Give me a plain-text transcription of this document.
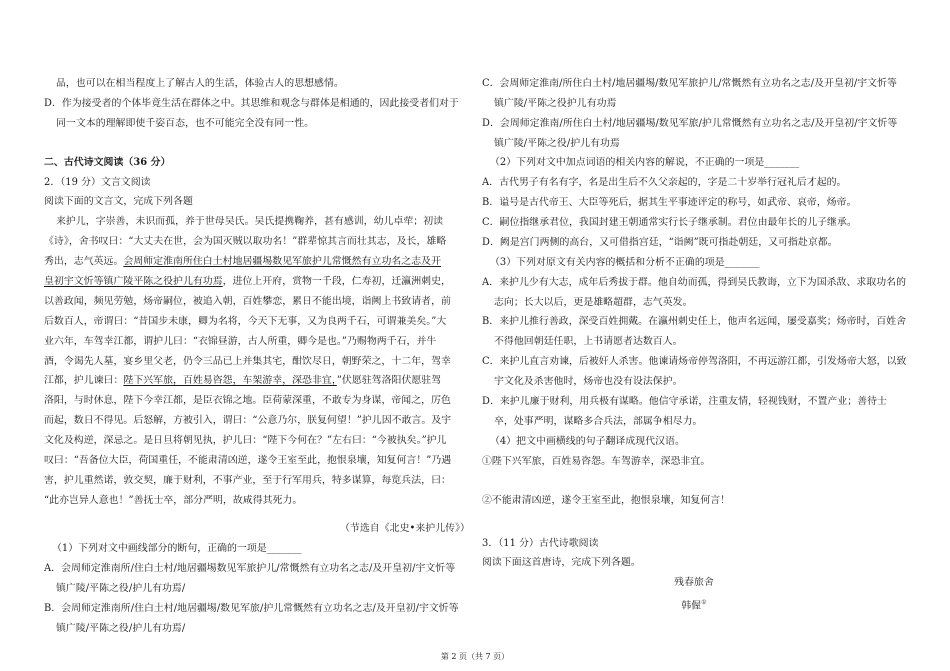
品，也可以在相当程度上了解古人的生活，体验古人的思想感情。

D．作为接受者的个体毕竟生活在群体之中。其思维和观念与群体是相通的，因此接受者们对于

同一文本的理解即使千姿百态，也不可能完全没有同一性。

二、古代诗文阅读（36 分）

2．（19 分）文言文阅读

阅读下面的文言文，完成下列各题

来护儿，字崇善，未识而孤，养于世母吴氏。吴氏提携鞠养，甚有感训，幼儿卓荦；初读

《诗》，舍书叹曰：“大丈夫在世，会为国灭贼以取功名！”群辈惊其言而壮其志，及长，雄略

秀出，志气英远。会周师定淮南所住白土村地居疆埸数见军旅护儿常慨然有立功名之志及开

皇初宇文忻等镇广陵平陈之役护儿有功焉，进位上开府，赏物一千段，仁寿初，迁瀛洲刺史，

以善政闻，频见劳勉，炀帝嗣位，被追入朝，百姓攀恋，累日不能出境，诣阙上书致请者，前

后数百人，帝谓曰：“昔国步未康，卿为名将，今天下无事，又为良两千石，可谓兼美矣。”大

业六年，车驾幸江都，谓护儿曰：“衣锦昼游，古人所重，卿今是也。”乃赐物两千石，并牛

酒，令谒先人墓，宴乡里父老，仍令三品已上并集其宅，酣饮尽日，朝野荣之，十二年，驾幸

江都，护儿谏曰：陛下兴军旅，百姓易咨怨，车架游幸，深恐非宜，”伏愿驻驾洛阳伏愿驻驾

洛阳，与时休息，陛下今幸江都，是臣衣锦之地。臣荷蒙深重，不敢专为身谋，帝闻之，厉色

而起，数日不得见。后怒解，方被引入，谓曰：“公意乃尔，朕复何望！”护儿因不敢言。及宇

文化及构逆，深忌之。是日旦将朝见执，护儿曰：“陛下今何在？”左右曰：“今被执矣。”护儿

叹曰：“吾备位大臣，荷国重任，不能肃清凶逆，遂令王室至此，抱恨泉壤，知复何言！”乃遇

害，护儿重然诺，敦交契，廉于财利，不事产业，至于行军用兵，特多谋算，每览兵法，曰：

“此亦岂异人意也！”善抚士卒，部分严明，故咸得其死力。

（节选自《北史•来护儿传》）

（1）下列对文中画线部分的断句，正确的一项是_______

A．会周师定淮南所/住白土村/地居疆埸数见军旅护儿/常慨然有立功名之志/及开皇初/宇文忻等

镇广陵/平陈之役/护儿有功焉/

B．会周师定淮南所/住白土村/地居疆埸/数见军旅/护儿常慨然有立功名之志/及开皇初/宇文忻等

镇广陵/平陈之役/护儿有功焉/

C．会周师定淮南/所住白土村/地居疆埸/数见军旅护儿/常慨然有立功名之志/及开皇初/宇文忻等

镇广陵/平陈之役护儿有功焉

D．会周师定淮南/所住白土村/地居疆埸/数见军旅/护儿常慨然有立功名之志/及开皇初/宇文忻等

镇广陵/平陈之役/护儿有功焉

（2）下列对文中加点词语的相关内容的解说，不正确的一项是_______

A．古代男子有名有字，名是出生后不久父亲起的，字是二十岁举行冠礼后才起的。

B．谥号是古代帝王、大臣等死后，据其生平事迹评定的称号，如武帝、哀帝，炀帝。

C．嗣位指继承君位，我国封建王朝通常实行长子继承制。君位由最年长的儿子继承。

D．阙是宫门两侧的高台，又可借指宫廷，“诣阙”既可指赴朝廷，又可指赴京都。

（3）下列对原文有关内容的概括和分析不正确的项是_______

A．来护儿少有大志，成年后秀拔于群。他自幼而孤，得到吴氏教诲，立下为国杀敌、求取功名的

志向；长大以后，更是雄略超群，志气英发。

B．来护儿推行善政，深受百姓拥戴。在瀛州刺史任上，他声名远闻，屡受嘉奖；炀帝时，百姓舍

不得他回朝廷任职，上书请愿者达数百人。

C．来护儿直言劝谏，后被奸人杀害。他谏请炀帝停驾洛阳，不再远游江都，引发炀帝大怒，以致

宇文化及杀害他时，炀帝也没有设法保护。

D．来护儿廉于财利，用兵极有谋略。他信守承诺，注重友情，轻视钱财，不置产业；善待士

卒，处事严明，谋略多合兵法，部属争相尽力。

（4）把文中画横线的句子翻译成现代汉语。

①陛下兴军旅，百姓易咨怨。车驾游幸，深恐非宜。

②不能肃清凶逆，遂令王室至此，抱恨泉壤，知复何言！

3．（11 分）古代诗歌阅读

阅读下面这首唐诗，完成下列各题。

残春旅舍

韩偓①

第 2 页（共 7 页）
